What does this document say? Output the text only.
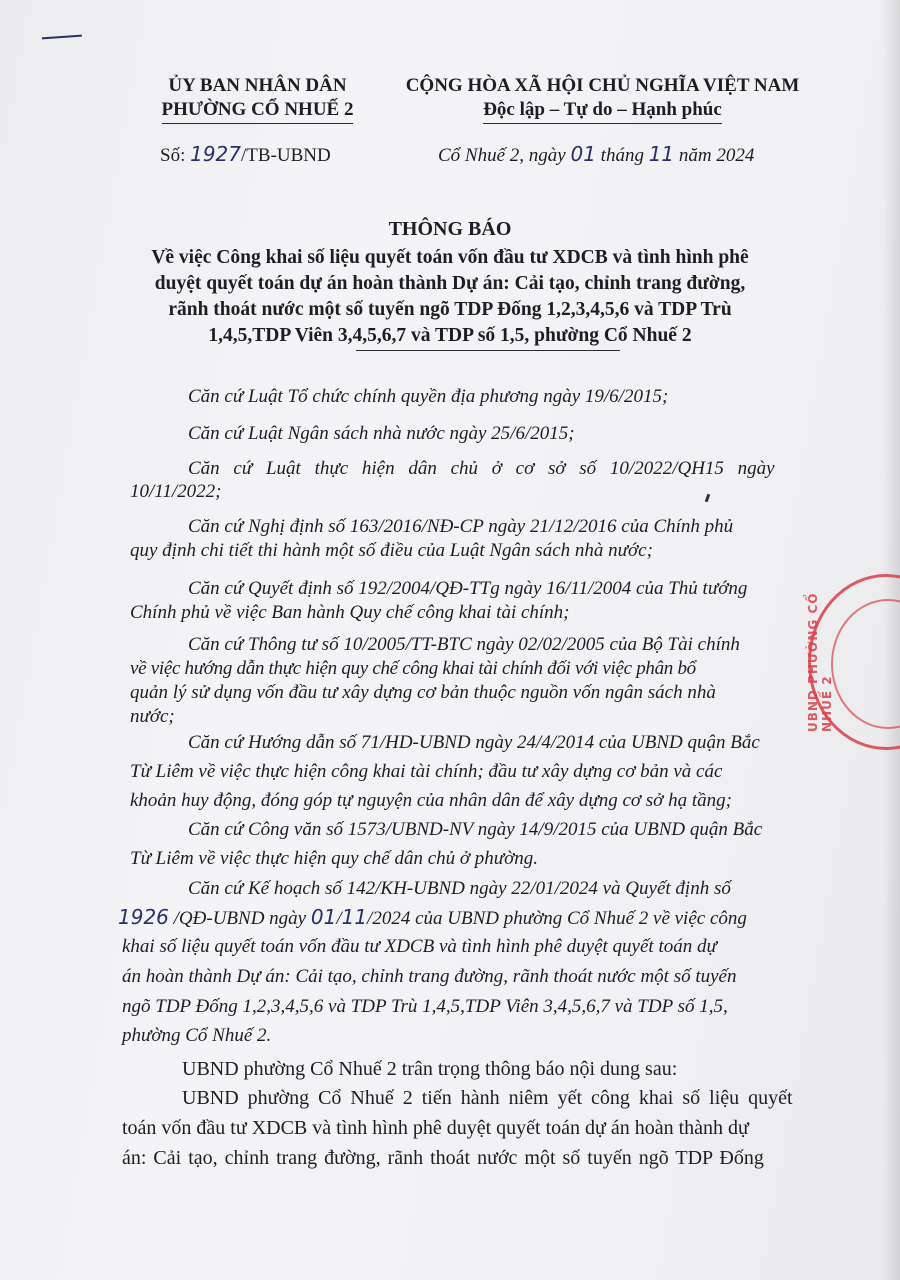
ỦY BAN NHÂN DÂN
PHƯỜNG CỔ NHUẾ 2
CỘNG HÒA XÃ HỘI CHỦ NGHĨA VIỆT NAM
Độc lập – Tự do – Hạnh phúc
Số: 1927/TB-UBND	Cổ Nhuế 2, ngày 01 tháng 11 năm 2024
THÔNG BÁO
Về việc Công khai số liệu quyết toán vốn đầu tư XDCB và tình hình phê
duyệt quyết toán dự án hoàn thành Dự án: Cải tạo, chỉnh trang đường,
rãnh thoát nước một số tuyến ngõ TDP Đống 1,2,3,4,5,6 và TDP Trù
1,4,5,TDP Viên 3,4,5,6,7 và TDP số 1,5, phường Cổ Nhuế 2
Căn cứ Luật Tổ chức chính quyền địa phương ngày 19/6/2015;
Căn cứ Luật Ngân sách nhà nước ngày 25/6/2015;
Căn cứ Luật thực hiện dân chủ ở cơ sở số 10/2022/QH15 ngày
10/11/2022;
Căn cứ Nghị định số 163/2016/NĐ-CP ngày 21/12/2016 của Chính phủ
quy định chi tiết thi hành một số điều của Luật Ngân sách nhà nước;
Căn cứ Quyết định số 192/2004/QĐ-TTg ngày 16/11/2004 của Thủ tướng
Chính phủ về việc Ban hành Quy chế công khai tài chính;
Căn cứ Thông tư số 10/2005/TT-BTC ngày 02/02/2005 của Bộ Tài chính
về việc hướng dẫn thực hiện quy chế công khai tài chính đối với việc phân bổ
quản lý sử dụng vốn đầu tư xây dựng cơ bản thuộc nguồn vốn ngân sách nhà
nước;
Căn cứ Hướng dẫn số 71/HD-UBND ngày 24/4/2014 của UBND quận Bắc
Từ Liêm về việc thực hiện công khai tài chính; đầu tư xây dựng cơ bản và các
khoản huy động, đóng góp tự nguyện của nhân dân để xây dựng cơ sở hạ tầng;
Căn cứ Công văn số 1573/UBND-NV ngày 14/9/2015 của UBND quận Bắc
Từ Liêm về việc thực hiện quy chế dân chủ ở phường.
Căn cứ Kế hoạch số 142/KH-UBND ngày 22/01/2024 và Quyết định số
1926 /QĐ-UBND ngày 01/11/2024 của UBND phường Cổ Nhuế 2 về việc công
khai số liệu quyết toán vốn đầu tư XDCB và tình hình phê duyệt quyết toán dự
án hoàn thành Dự án: Cải tạo, chỉnh trang đường, rãnh thoát nước một số tuyến
ngõ TDP Đống 1,2,3,4,5,6 và TDP Trù 1,4,5,TDP Viên 3,4,5,6,7 và TDP số 1,5,
phường Cổ Nhuế 2.
UBND phường Cổ Nhuế 2 trân trọng thông báo nội dung sau:
UBND phường Cổ Nhuế 2 tiến hành niêm yết công khai số liệu quyết
toán vốn đầu tư XDCB và tình hình phê duyệt quyết toán dự án hoàn thành dự
án: Cải tạo, chỉnh trang đường, rãnh thoát nước một số tuyến ngõ TDP Đống
UBND PHƯỜNG CỔ NHUẾ 2
